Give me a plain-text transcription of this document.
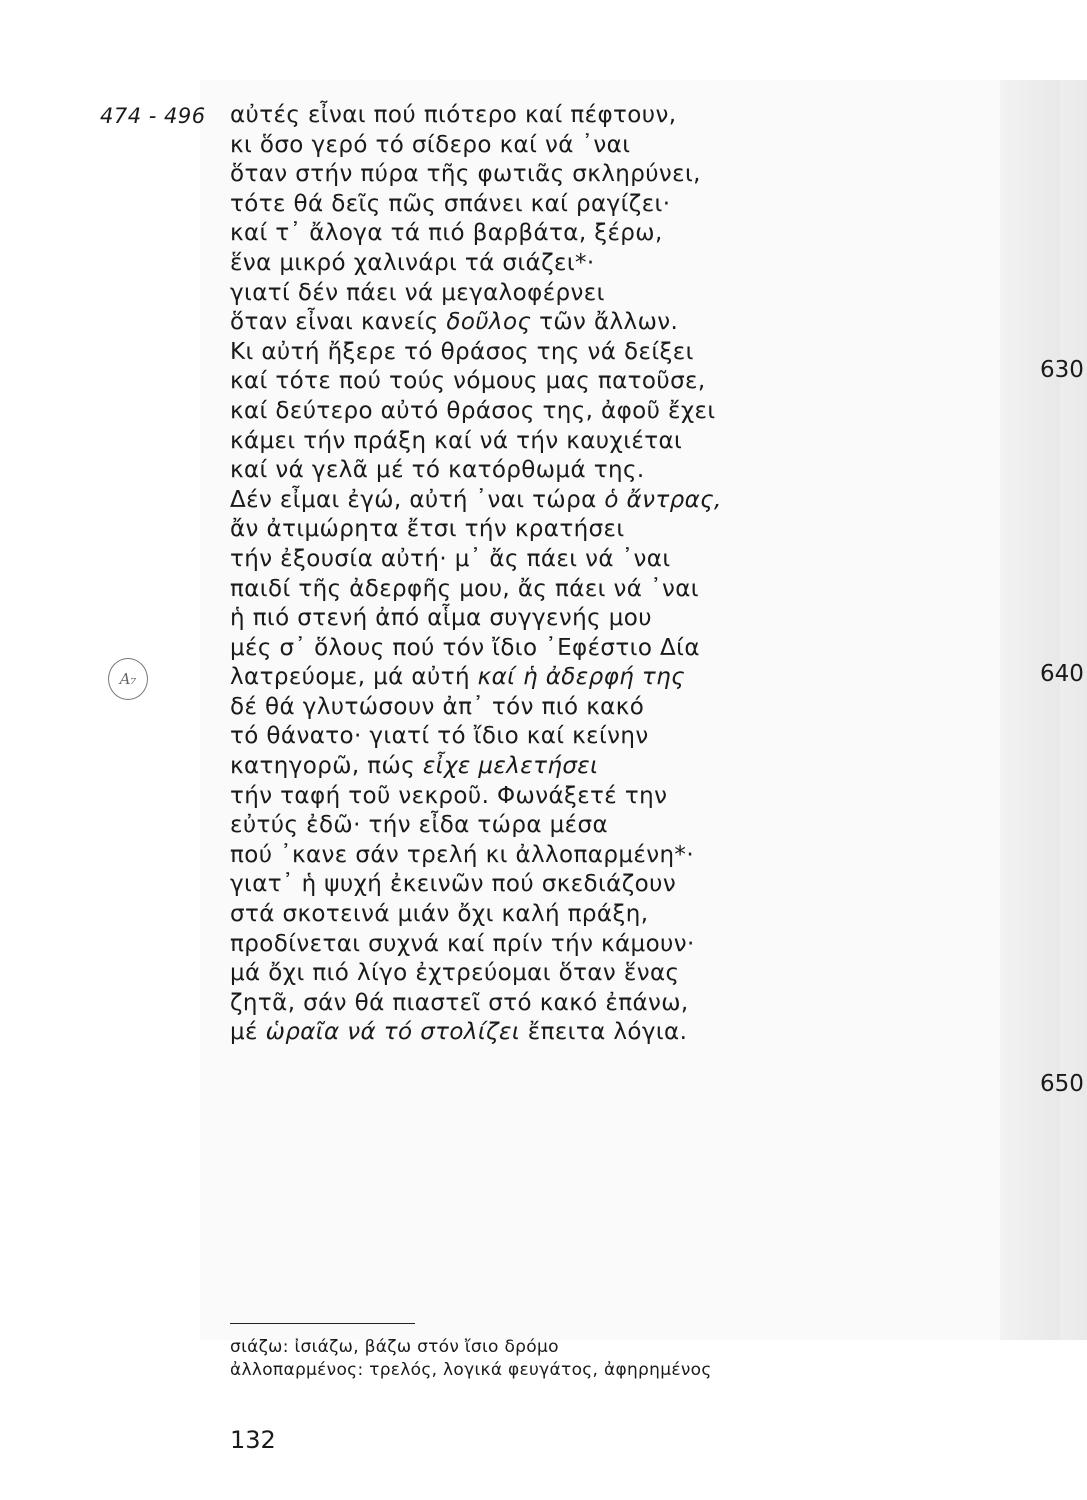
474 - 496 αὐτές εἶναι πού πιότερο καί πέφτουν,
κι ὅσο γερό τό σίδερο καί νά ᾿ναι
ὅταν στήν πύρα τῆς φωτιᾶς σκληρύνει,
τότε θά δεῖς πῶς σπάνει καί ραγίζει·
καί τ᾿ ἄλογα τά πιό βαρβάτα, ξέρω,
ἕνα μικρό χαλινάρι τά σιάζει*·
γιατί δέν πάει νά μεγαλοφέρνει
ὅταν εἶναι κανείς δοῦλος τῶν ἄλλων.
Κι αὐτή ἤξερε τό θράσος της νά δείξει
καί τότε πού τούς νόμους μας πατοῦσε,
καί δεύτερο αὐτό θράσος της, ἀφοῦ ἔχει
κάμει τήν πράξη καί νά τήν καυχιέται
καί νά γελᾶ μέ τό κατόρθωμά της.
Δέν εἶμαι ἐγώ, αὐτή ᾿ναι τώρα ὁ ἄντρας,
ἄν ἀτιμώρητα ἔτσι τήν κρατήσει
τήν ἐξουσία αὐτή· μ᾿ ἄς πάει νά ᾿ναι
παιδί τῆς ἀδερφῆς μου, ἄς πάει νά ᾿ναι
ἡ πιό στενή ἀπό αἷμα συγγενής μου
μές σ᾿ ὅλους πού τόν ἴδιο ᾿Εφέστιο Δία
λατρεύομε, μά αὐτή καί ἡ ἀδερφή της
δέ θά γλυτώσουν ἀπ᾿ τόν πιό κακό
τό θάνατο· γιατί τό ἴδιο καί κείνην
κατηγορῶ, πώς εἶχε μελετήσει
τήν ταφή τοῦ νεκροῦ. Φωνάξετέ την
εὐτύς ἐδῶ· τήν εἶδα τώρα μέσα
πού ᾿κανε σάν τρελή κι ἀλλοπαρμένη*·
γιατ᾿ ἡ ψυχή ἐκεινῶν πού σκεδιάζουν
στά σκοτεινά μιάν ὄχι καλή πράξη,
προδίνεται συχνά καί πρίν τήν κάμουν·
μά ὄχι πιό λίγο ἐχτρεύομαι ὅταν ἕνας
ζητᾶ, σάν θά πιαστεῖ στό κακό ἐπάνω,
μέ ὡραῖα νά τό στολίζει ἔπειτα λόγια.
630
640
650
A₇
σιάζω: ἰσιάζω, βάζω στόν ἴσιο δρόμο
ἀλλοπαρμένος: τρελός, λογικά φευγάτος, ἀφηρημένος
132
